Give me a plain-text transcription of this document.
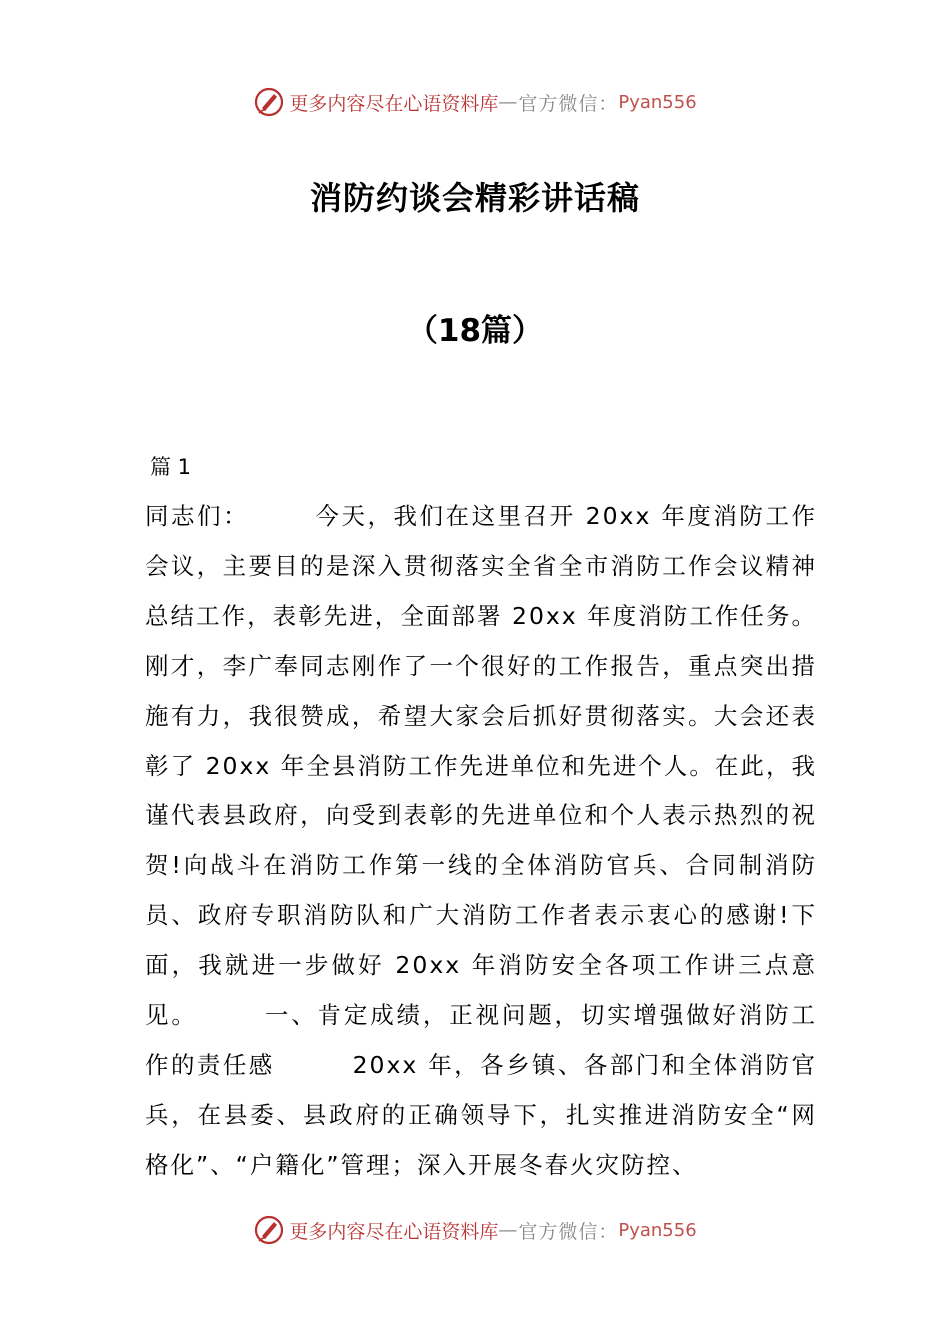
更多内容尽在心语资料库 — 官方微信： Pyan556
消防约谈会精彩讲话稿
（18篇）
篇 1

同志们：　　　今天，我们在这里召开 20xx 年度消防工作会议，主要目的是深入贯彻落实全省全市消防工作会议精神总结工作，表彰先进，全面部署 20xx 年度消防工作任务。刚才，李广奉同志刚作了一个很好的工作报告，重点突出措施有力，我很赞成，希望大家会后抓好贯彻落实。大会还表彰了 20xx 年全县消防工作先进单位和先进个人。在此，我谨代表县政府，向受到表彰的先进单位和个人表示热烈的祝贺!向战斗在消防工作第一线的全体消防官兵、合同制消防员、政府专职消防队和广大消防工作者表示衷心的感谢!下面，我就进一步做好 20xx 年消防安全各项工作讲三点意见。　　　一、肯定成绩，正视问题，切实增强做好消防工作的责任感　　　20xx 年，各乡镇、各部门和全体消防官兵，在县委、县政府的正确领导下，扎实推进消防安全“网格化”、“户籍化”管理；深入开展冬春火灾防控、

更多内容尽在心语资料库 — 官方微信： Pyan556
